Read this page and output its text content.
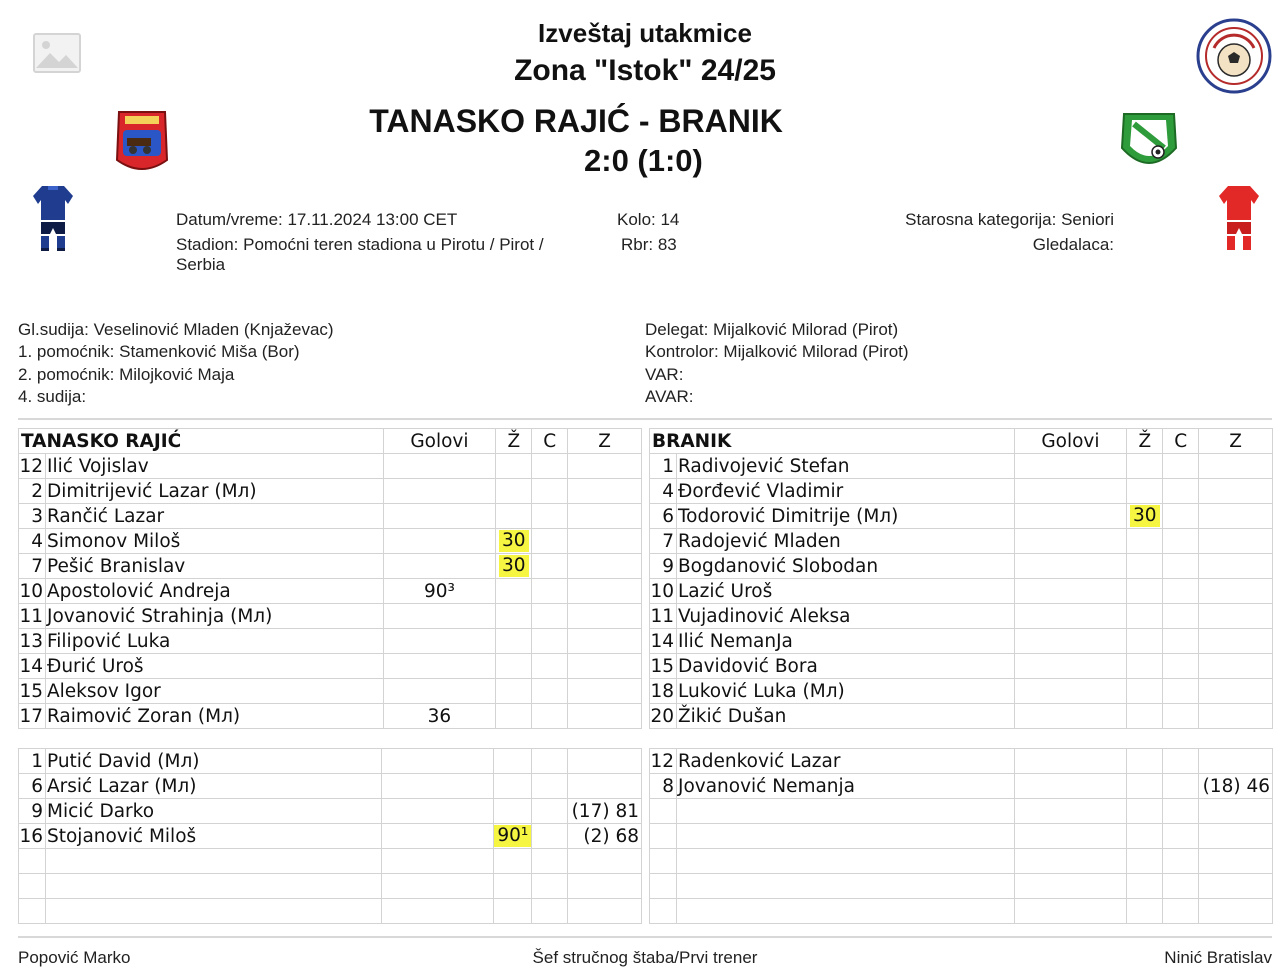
Izveštaj utakmice
Zona "Istok" 24/25
TANASKO RAJIĆ - BRANIK
2:0 (1:0)
Datum/vreme: 17.11.2024 13:00 CET
Stadion: Pomoćni teren stadiona u Pirotu / Pirot /
Serbia
Kolo: 14
Rbr: 83
Starosna kategorija: Seniori
Gledalaca:
Gl.sudija: Veselinović Mladen (Knjaževac)
1. pomoćnik: Stamenković Miša (Bor)
2. pomoćnik: Milojković Maja
4. sudija:
Delegat: Mijalković Milorad (Pirot)
Kontrolor: Mijalković Milorad (Pirot)
VAR:
AVAR:
TANASKO RAJIĆ		Golovi	Ž	C	Z
12	Ilić Vojislav				
2	Dimitrijević Lazar (Mл)				
3	Rančić Lazar				
4	Simonov Miloš		30		
7	Pešić Branislav		30		
10	Apostolović Andreja	90³			
11	Jovanović Strahinja (Mл)				
13	Filipović Luka				
14	Đurić Uroš				
15	Aleksov Igor				
17	Raimović Zoran (Mл)	36			
BRANIK		Golovi	Ž	C	Z
1	Radivojević Stefan				
4	Đorđević Vladimir				
6	Todorović Dimitrije (Mл)		30		
7	Radojević Mladen				
9	Bogdanović Slobodan				
10	Lazić Uroš				
11	Vujadinović Aleksa				
14	Ilić NemanJa				
15	Davidović Bora				
18	Luković Luka (Mл)				
20	Žikić Dušan				
1	Putić David (Mл)				
6	Arsić Lazar (Mл)				
9	Micić Darko				(17) 81
16	Stojanović Miloš		90¹		(2) 68

12	Radenković Lazar				
8	Jovanović Nemanja				(18) 46

Popović Marko	Šef stručnog štaba/Prvi trener	Ninić Bratislav
